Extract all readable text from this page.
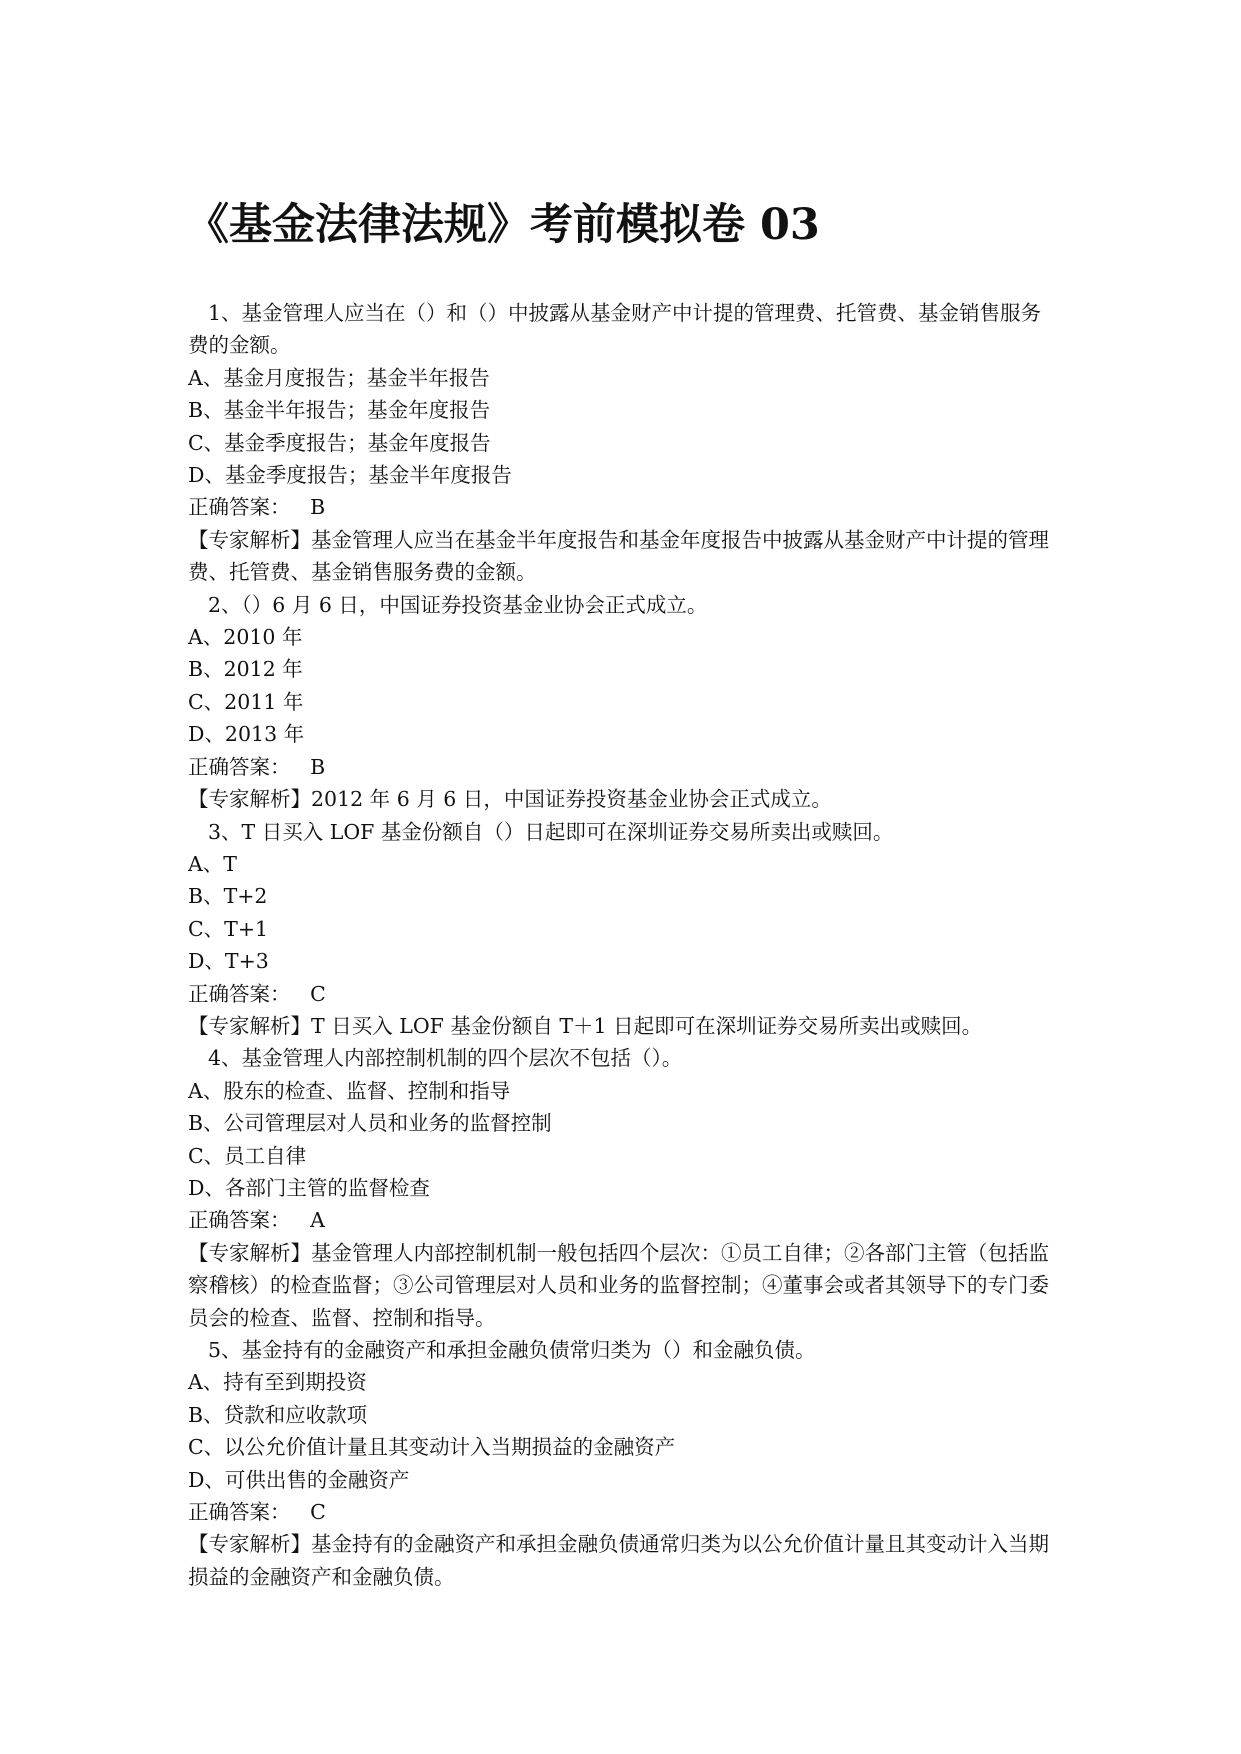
《基金法律法规》考前模拟卷 03

1、基金管理人应当在（）和（）中披露从基金财产中计提的管理费、托管费、基金销售服务费的金额。

A、基金月度报告；基金半年报告

B、基金半年报告；基金年度报告

C、基金季度报告；基金年度报告

D、基金季度报告；基金半年度报告

正确答案： B

【专家解析】基金管理人应当在基金半年度报告和基金年度报告中披露从基金财产中计提的管理费、托管费、基金销售服务费的金额。

2、（）6 月 6 日，中国证券投资基金业协会正式成立。

A、2010 年

B、2012 年

C、2011 年

D、2013 年

正确答案： B

【专家解析】2012 年 6 月 6 日，中国证券投资基金业协会正式成立。

3、T 日买入 LOF 基金份额自（）日起即可在深圳证券交易所卖出或赎回。

A、T

B、T+2

C、T+1

D、T+3

正确答案： C

【专家解析】T 日买入 LOF 基金份额自 T＋1 日起即可在深圳证券交易所卖出或赎回。

4、基金管理人内部控制机制的四个层次不包括（）。

A、股东的检查、监督、控制和指导

B、公司管理层对人员和业务的监督控制

C、员工自律

D、各部门主管的监督检查

正确答案： A

【专家解析】基金管理人内部控制机制一般包括四个层次：①员工自律；②各部门主管（包括监察稽核）的检查监督；③公司管理层对人员和业务的监督控制；④董事会或者其领导下的专门委员会的检查、监督、控制和指导。

5、基金持有的金融资产和承担金融负债常归类为（）和金融负债。

A、持有至到期投资

B、贷款和应收款项

C、以公允价值计量且其变动计入当期损益的金融资产

D、可供出售的金融资产

正确答案： C

【专家解析】基金持有的金融资产和承担金融负债通常归类为以公允价值计量且其变动计入当期损益的金融资产和金融负债。
